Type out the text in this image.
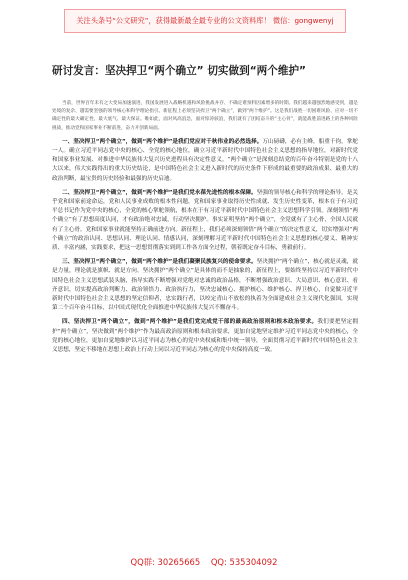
关注头条号“公文研究”，获得最新最全最专业的公文资料库！ 微信：gongwenyj
研讨发言：坚决捍卫“两个确立” 切实做到“两个维护”

当前，世界百年未有之大变局加速演进，我国发展进入战略机遇和风险挑战并存、不确定难预料因素增多的时期。我们越来越强烈地感受到，越是处境的复杂、越需要坚强的领导核心和科学理论指引。新征程上必须坚决捍卫“两个确立”，做到“两个维护”。这是我们战胜一切困难风险、应对一切不确定性的最大确定性、最大底气、最大保证。唯如此，面对风高浪急，面对惊涛骇浪，我们就有了团结奋斗的“主心骨”，就能战胜前进路上的各种风险挑战，推动党和国家事业不断前进，奋力开创新局面。

一、坚决捍卫“两个确立”，做到“两个维护”是我们党应对千秋伟业的必然选择。万山磅礴，必有主峰，船重千钧，掌舵一人。确立习近平同志党中央的核心、全党的核心地位，确立习近平新时代中国特色社会主义思想的指导地位，对新时代党和国家事业发展、对推进中华民族伟大复兴历史进程具有决定性意义。“两个确立”是深刻总结党的百年奋斗特别是党的十八大以来，伟大实践得出的重大历史结论，是中国特色社会主义进入新时代的历史条件下形成的最重要的政治成果、最重大的政治判断，最宝贵的历史经验和最强的历史启迪。

二、坚决捍卫“两个确立”，做到“两个维护”是我们党永葆先进性的根本保障。坚强的领导核心和科学的理论指导，是关乎党和国家前途命运，党和人民事业成败的根本性问题，党和国家事业取得历史性成就、发生历史性变革，根本在于有习近平总书记作为党中央的核心，全党的核心掌舵领航，根本在于有习近平新时代中国特色社会主义思想科学引领。深刻领悟“两个确立”有了思想高度认同，才有政治绝对忠诚，行动坚决拥护。事实证明坚持“两个确立”，全党就有了主心骨，全国人民就有了主心骨。党和国家事业就能坚持正确前进方向。新征程上，我们必须深刻领悟“两个确立”的决定性意义，切实增强对“两个确立”的政治认同、思想认同、理论认同、情感认同，深刻理解习近平新时代中国特色社会主义思想的核心要义、精神实质、丰富内涵，实践要求，把这一思想贯彻落实到到工作各方面全过程，朝着既定奋斗目标，勇毅前行。

三、坚决捍卫“两个确立”，做到“两个维护”是我们凝聚民族复兴的使命要求。坚决拥护“两个确立”，核心就是灵魂，就是力量，理论就是旗帜、就是方向。坚决拥护“两个确立”是具体的而不是抽象的，新征程上，要始终坚持以习近平新时代中国特色社会主义思想武装头脑，指导实践不断增强对党绝对忠诚的政治品格，不断增强政治意识、大局意识、核心意识、看齐意识，切实提高政治判断力、政治领悟力、政治执行力，坚决忠诚核心、拥护核心、维护核心、捍卫核心，自觉做习近平新时代中国特色社会主义思想的坚定信仰者，忠实践行者，以咬定青山不放松的执着为全面建成社会主义现代化强国，实现第二个百年奋斗目标，以中国式现代化全面推进中华民族伟大复兴不懈奋斗。

四、坚决捍卫“两个确立”，做到“两个维护”是我们党完成党干部的最高政治原则和根本政治要求。我们要把坚定拥护“两个确立”，坚决做到“两个维护”作为最高政治原则和根本政治要求，更加自觉地坚定维护习近平同志党中央的核心，全党的核心地位，更加自觉地维护以习近平同志为核心的党中央权威和集中统一领导，全面贯彻习近平新时代中国特色社会主义思想，坚定不移地在思想上政治上行动上同以习近平同志为核心的党中央保持高度一致。

QQ群: 30265665    QQ: 535304092
